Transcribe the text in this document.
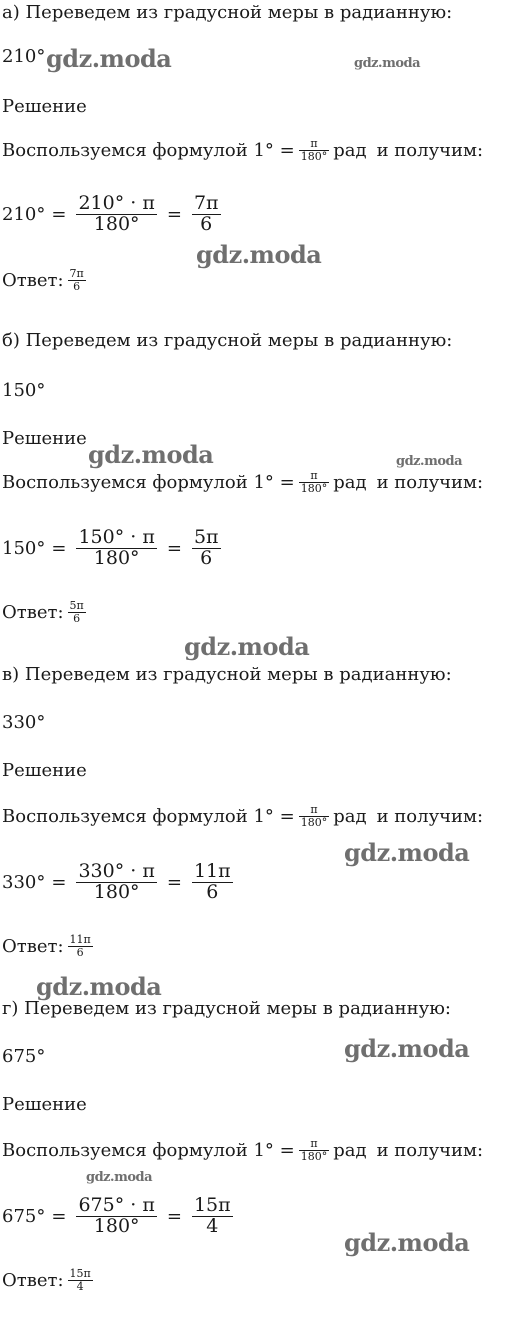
а) Переведем из градусной меры в радианную:
210°
Решение
Воспользуемся формулой $1^\circ = \frac{\pi}{180^\circ}$ рад и получим:
$210^\circ = \frac{210^\circ \cdot \pi}{180^\circ} = \frac{7\pi}{6}$
Ответ: $\frac{7\pi}{6}$
б) Переведем из градусной меры в радианную:
150°
Решение
Воспользуемся формулой $1^\circ = \frac{\pi}{180^\circ}$ рад и получим:
$150^\circ = \frac{150^\circ \cdot \pi}{180^\circ} = \frac{5\pi}{6}$
Ответ: $\frac{5\pi}{6}$
в) Переведем из градусной меры в радианную:
330°
Решение
Воспользуемся формулой $1^\circ = \frac{\pi}{180^\circ}$ рад и получим:
$330^\circ = \frac{330^\circ \cdot \pi}{180^\circ} = \frac{11\pi}{6}$
Ответ: $\frac{11\pi}{6}$
г) Переведем из градусной меры в радианную:
675°
Решение
Воспользуемся формулой $1^\circ = \frac{\pi}{180^\circ}$ рад и получим:
$675^\circ = \frac{675^\circ \cdot \pi}{180^\circ} = \frac{15\pi}{4}$
Ответ: $\frac{15\pi}{4}$
gdz.moda	gdz.moda
gdz.moda
gdz.moda	gdz.moda
gdz.moda
gdz.moda
gdz.moda
gdz.moda
gdz.moda
gdz.moda
